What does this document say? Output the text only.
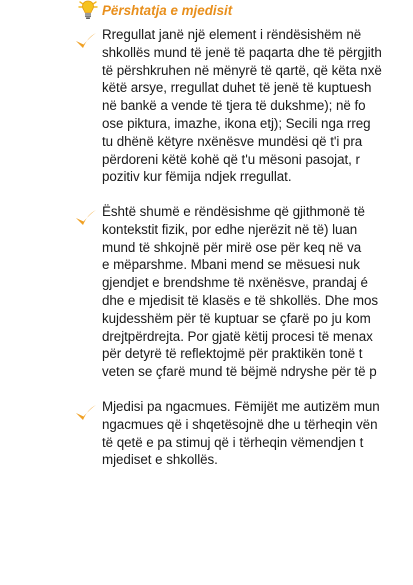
Përshtatja e mjedisit
Rregullat janë një element i rëndësishëm në
shkollës mund të jenë të paqarta dhe të përgjith
të përshkruhen në mënyrë të qartë, që këta nxë
këtë arsye, rregullat duhet të jenë të kuptuesh
në bankë a vende të tjera të dukshme); në fo
ose piktura, imazhe, ikona etj); Secili nga rreg
tu dhënë këtyre nxënësve mundësi që t'i pra
përdoreni këtë kohë që t'u mësoni pasojat, r
pozitiv kur fëmija ndjek rregullat.
Është shumë e rëndësishme që gjithmonë të
kontekstit fizik, por edhe njerëzit në të) luan
mund të shkojnë për mirë ose për keq në va
e mëparshme. Mbani mend se mësuesi nuk
gjendjet e brendshme të nxënësve, prandaj é
dhe e mjedisit të klasës e të shkollës. Dhe mos
kujdesshëm për të kuptuar se çfarë po ju kom
drejtpërdrejta. Por gjatë këtij procesi të menax
për detyrë të reflektojmë për praktikën tonë t
veten se çfarë mund të bëjmë ndryshe për të p
Mjedisi pa ngacmues. Fëmijët me autizëm mun
ngacmues që i shqetësojnë dhe u tërheqin vën
të qetë e pa stimuj që i tërheqin vëmendjen t
mjediset e shkollës.
